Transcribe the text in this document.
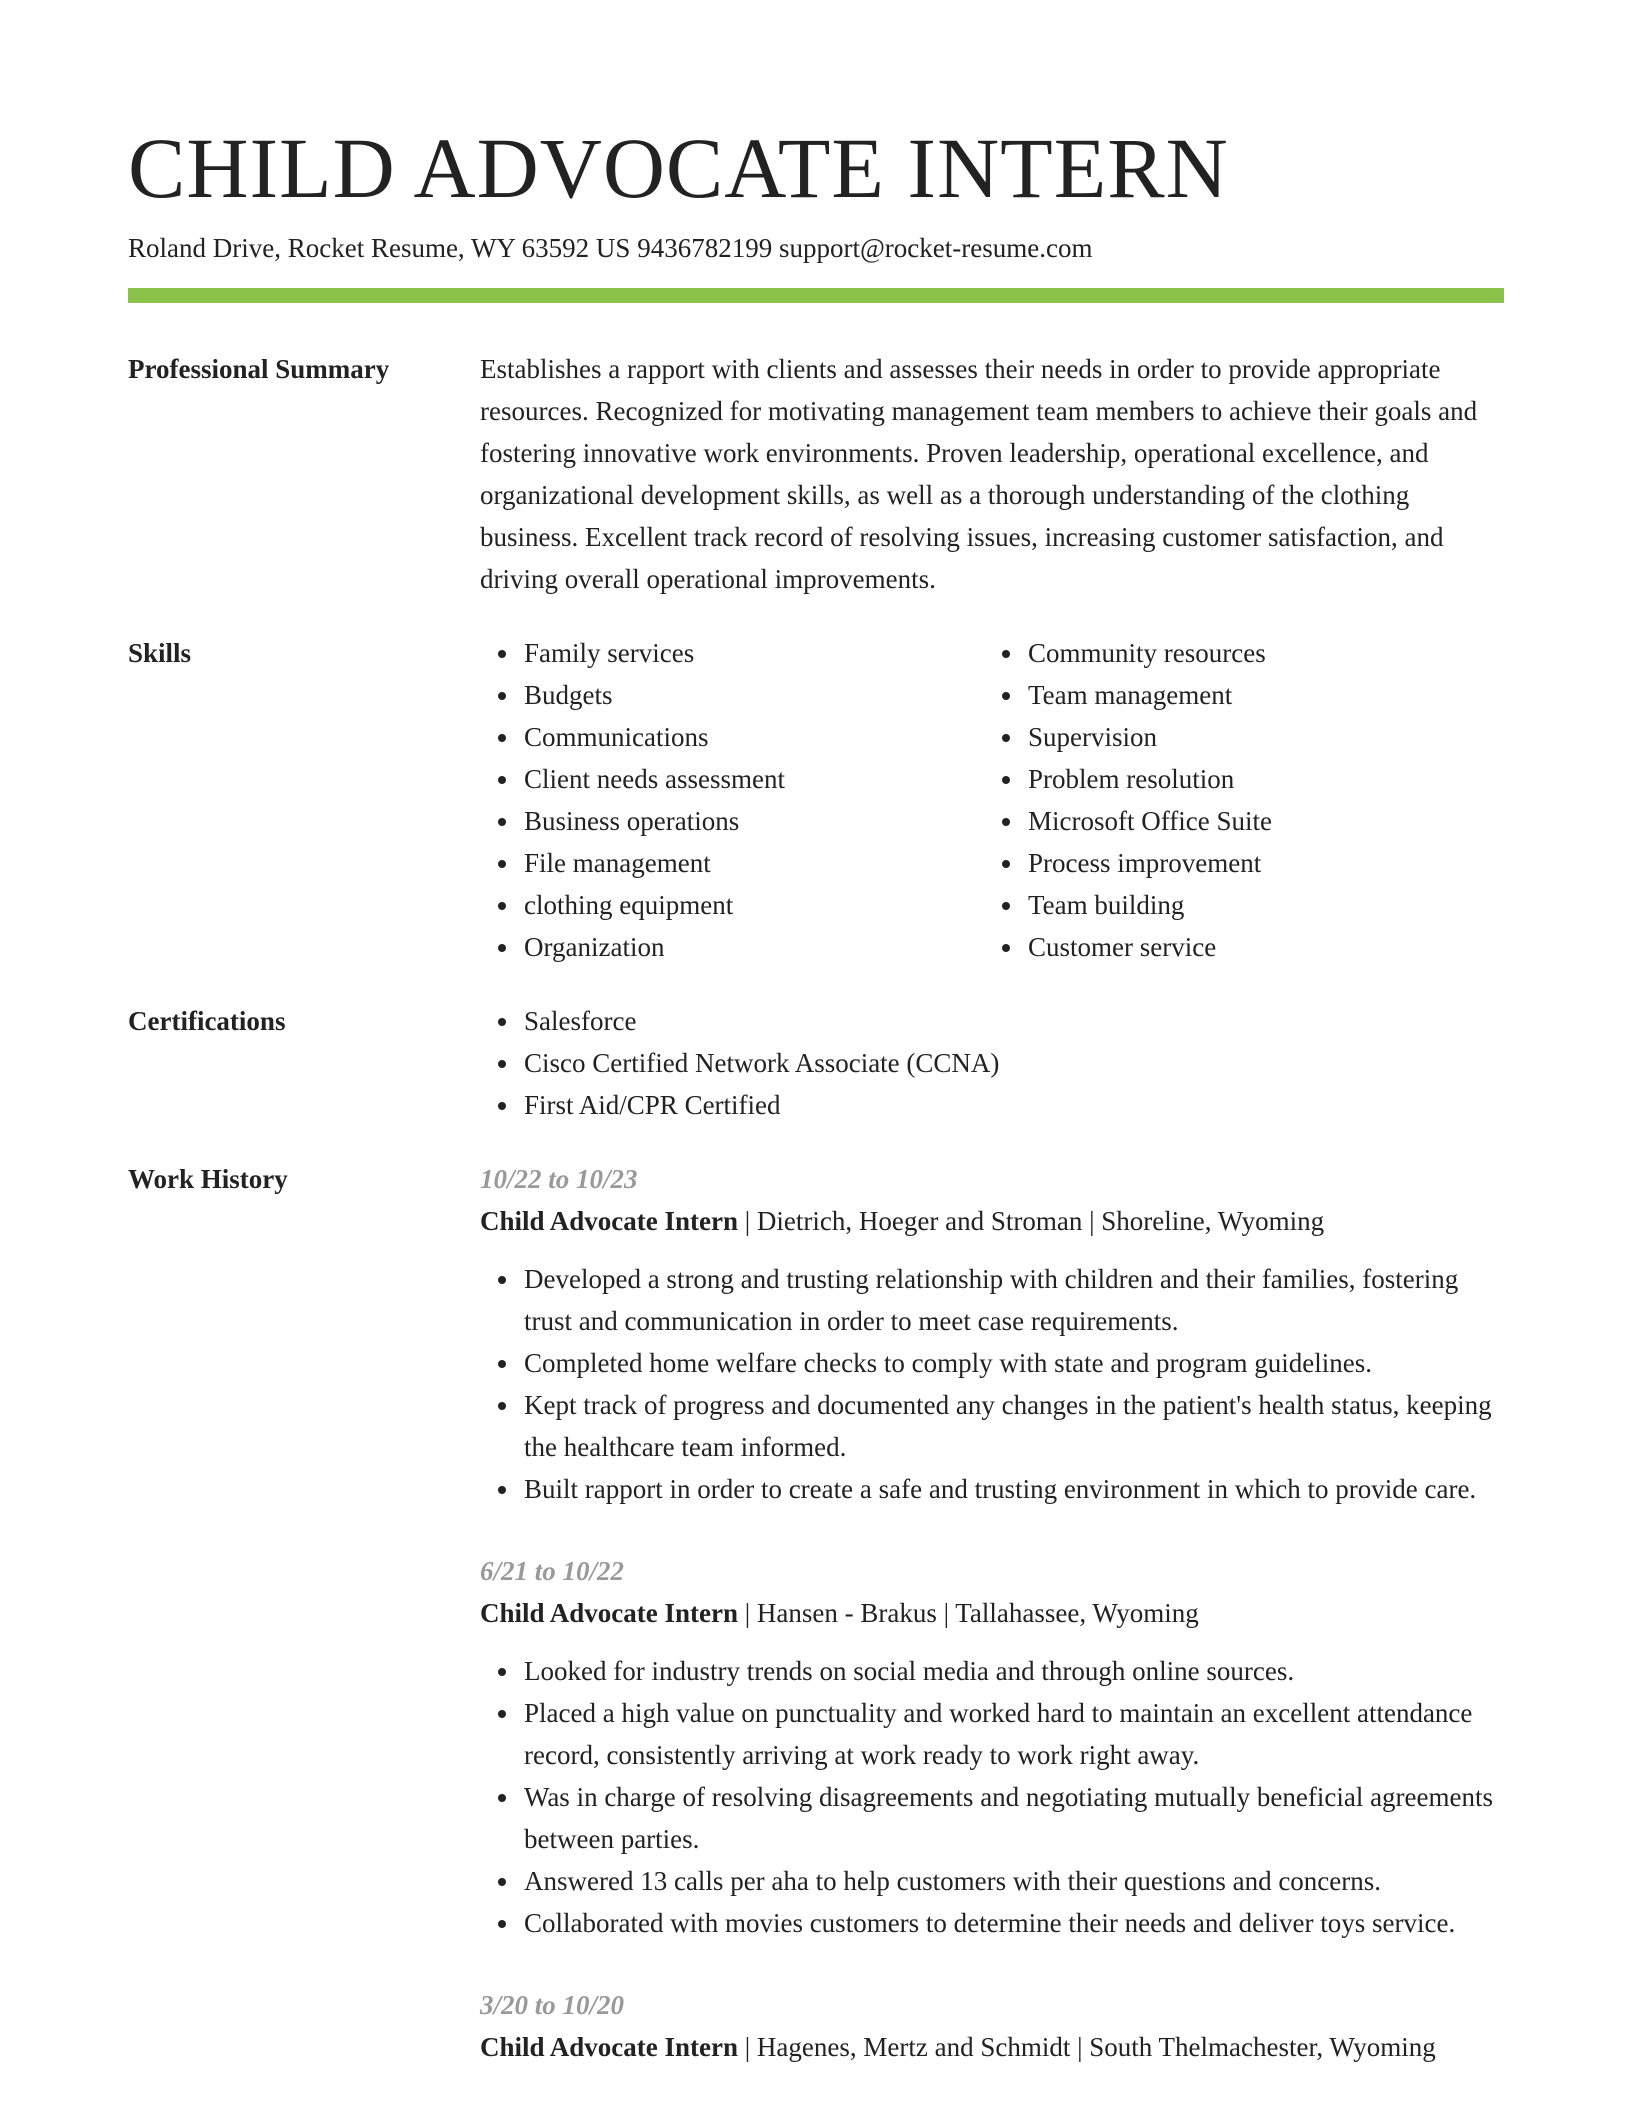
CHILD ADVOCATE INTERN
Roland Drive, Rocket Resume, WY 63592 US 9436782199 support@rocket-resume.com
Professional Summary	Establishes a rapport with clients and assesses their needs in order to provide appropriate resources. Recognized for motivating management team members to achieve their goals and fostering innovative work environments. Proven leadership, operational excellence, and organizational development skills, as well as a thorough understanding of the clothing business. Excellent track record of resolving issues, increasing customer satisfaction, and driving overall operational improvements.

Skills	Family services
Budgets
Communications
Client needs assessment
Business operations
File management
clothing equipment
Organization
Community resources
Team management
Supervision
Problem resolution
Microsoft Office Suite
Process improvement
Team building
Customer service
Certifications	Salesforce
Cisco Certified Network Associate (CCNA)
First Aid/CPR Certified
Work History	10/22 to 10/23
Child Advocate Intern | Dietrich, Hoeger and Stroman | Shoreline, Wyoming
Developed a strong and trusting relationship with children and their families, fostering trust and communication in order to meet case requirements.
Completed home welfare checks to comply with state and program guidelines.
Kept track of progress and documented any changes in the patient's health status, keeping the healthcare team informed.
Built rapport in order to create a safe and trusting environment in which to provide care.
6/21 to 10/22
Child Advocate Intern | Hansen - Brakus | Tallahassee, Wyoming
Looked for industry trends on social media and through online sources.
Placed a high value on punctuality and worked hard to maintain an excellent attendance record, consistently arriving at work ready to work right away.
Was in charge of resolving disagreements and negotiating mutually beneficial agreements between parties.
Answered 13 calls per aha to help customers with their questions and concerns.
Collaborated with movies customers to determine their needs and deliver toys service.
3/20 to 10/20
Child Advocate Intern | Hagenes, Mertz and Schmidt | South Thelmachester, Wyoming
